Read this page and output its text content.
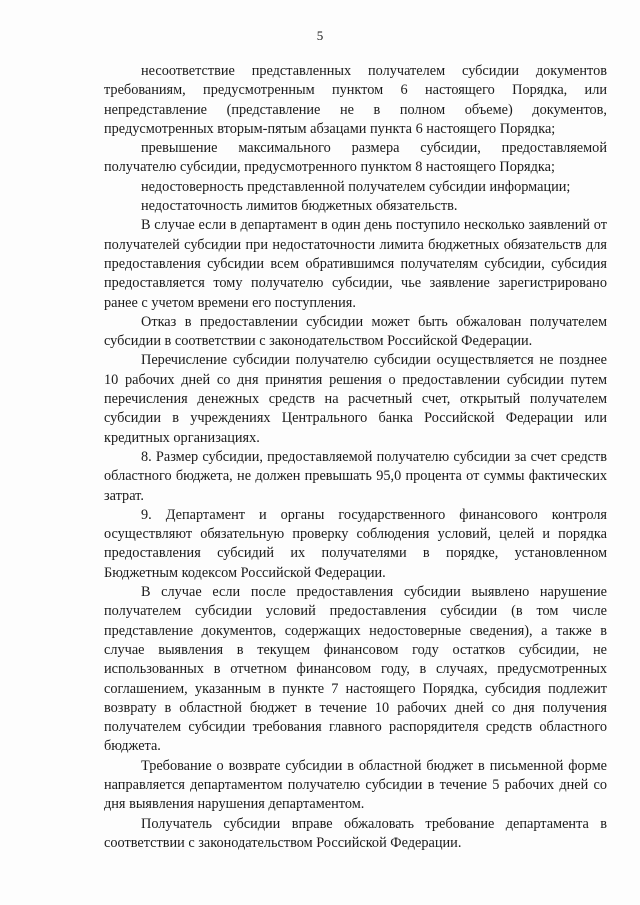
5

несоответствие представленных получателем субсидии документов требованиям, предусмотренным пунктом 6 настоящего Порядка, или непредставление (представление не в полном объеме) документов, предусмотренных вторым-пятым абзацами пункта 6 настоящего Порядка;

превышение максимального размера субсидии, предоставляемой получателю субсидии, предусмотренного пунктом 8 настоящего Порядка;

недостоверность представленной получателем субсидии информации;

недостаточность лимитов бюджетных обязательств.

В случае если в департамент в один день поступило несколько заявлений от получателей субсидии при недостаточности лимита бюджетных обязательств для предоставления субсидии всем обратившимся получателям субсидии, субсидия предоставляется тому получателю субсидии, чье заявление зарегистрировано ранее с учетом времени его поступления.

Отказ в предоставлении субсидии может быть обжалован получателем субсидии в соответствии с законодательством Российской Федерации.

Перечисление субсидии получателю субсидии осуществляется не позднее 10 рабочих дней со дня принятия решения о предоставлении субсидии путем перечисления денежных средств на расчетный счет, открытый получателем субсидии в учреждениях Центрального банка Российской Федерации или кредитных организациях.

8. Размер субсидии, предоставляемой получателю субсидии за счет средств областного бюджета, не должен превышать 95,0 процента от суммы фактических затрат.

9. Департамент и органы государственного финансового контроля осуществляют обязательную проверку соблюдения условий, целей и порядка предоставления субсидий их получателями в порядке, установленном Бюджетным кодексом Российской Федерации.

В случае если после предоставления субсидии выявлено нарушение получателем субсидии условий предоставления субсидии (в том числе представление документов, содержащих недостоверные сведения), а также в случае выявления в текущем финансовом году остатков субсидии, не использованных в отчетном финансовом году, в случаях, предусмотренных соглашением, указанным в пункте 7 настоящего Порядка, субсидия подлежит возврату в областной бюджет в течение 10 рабочих дней со дня получения получателем субсидии требования главного распорядителя средств областного бюджета.

Требование о возврате субсидии в областной бюджет в письменной форме направляется департаментом получателю субсидии в течение 5 рабочих дней со дня выявления нарушения департаментом.

Получатель субсидии вправе обжаловать требование департамента в соответствии с законодательством Российской Федерации.
